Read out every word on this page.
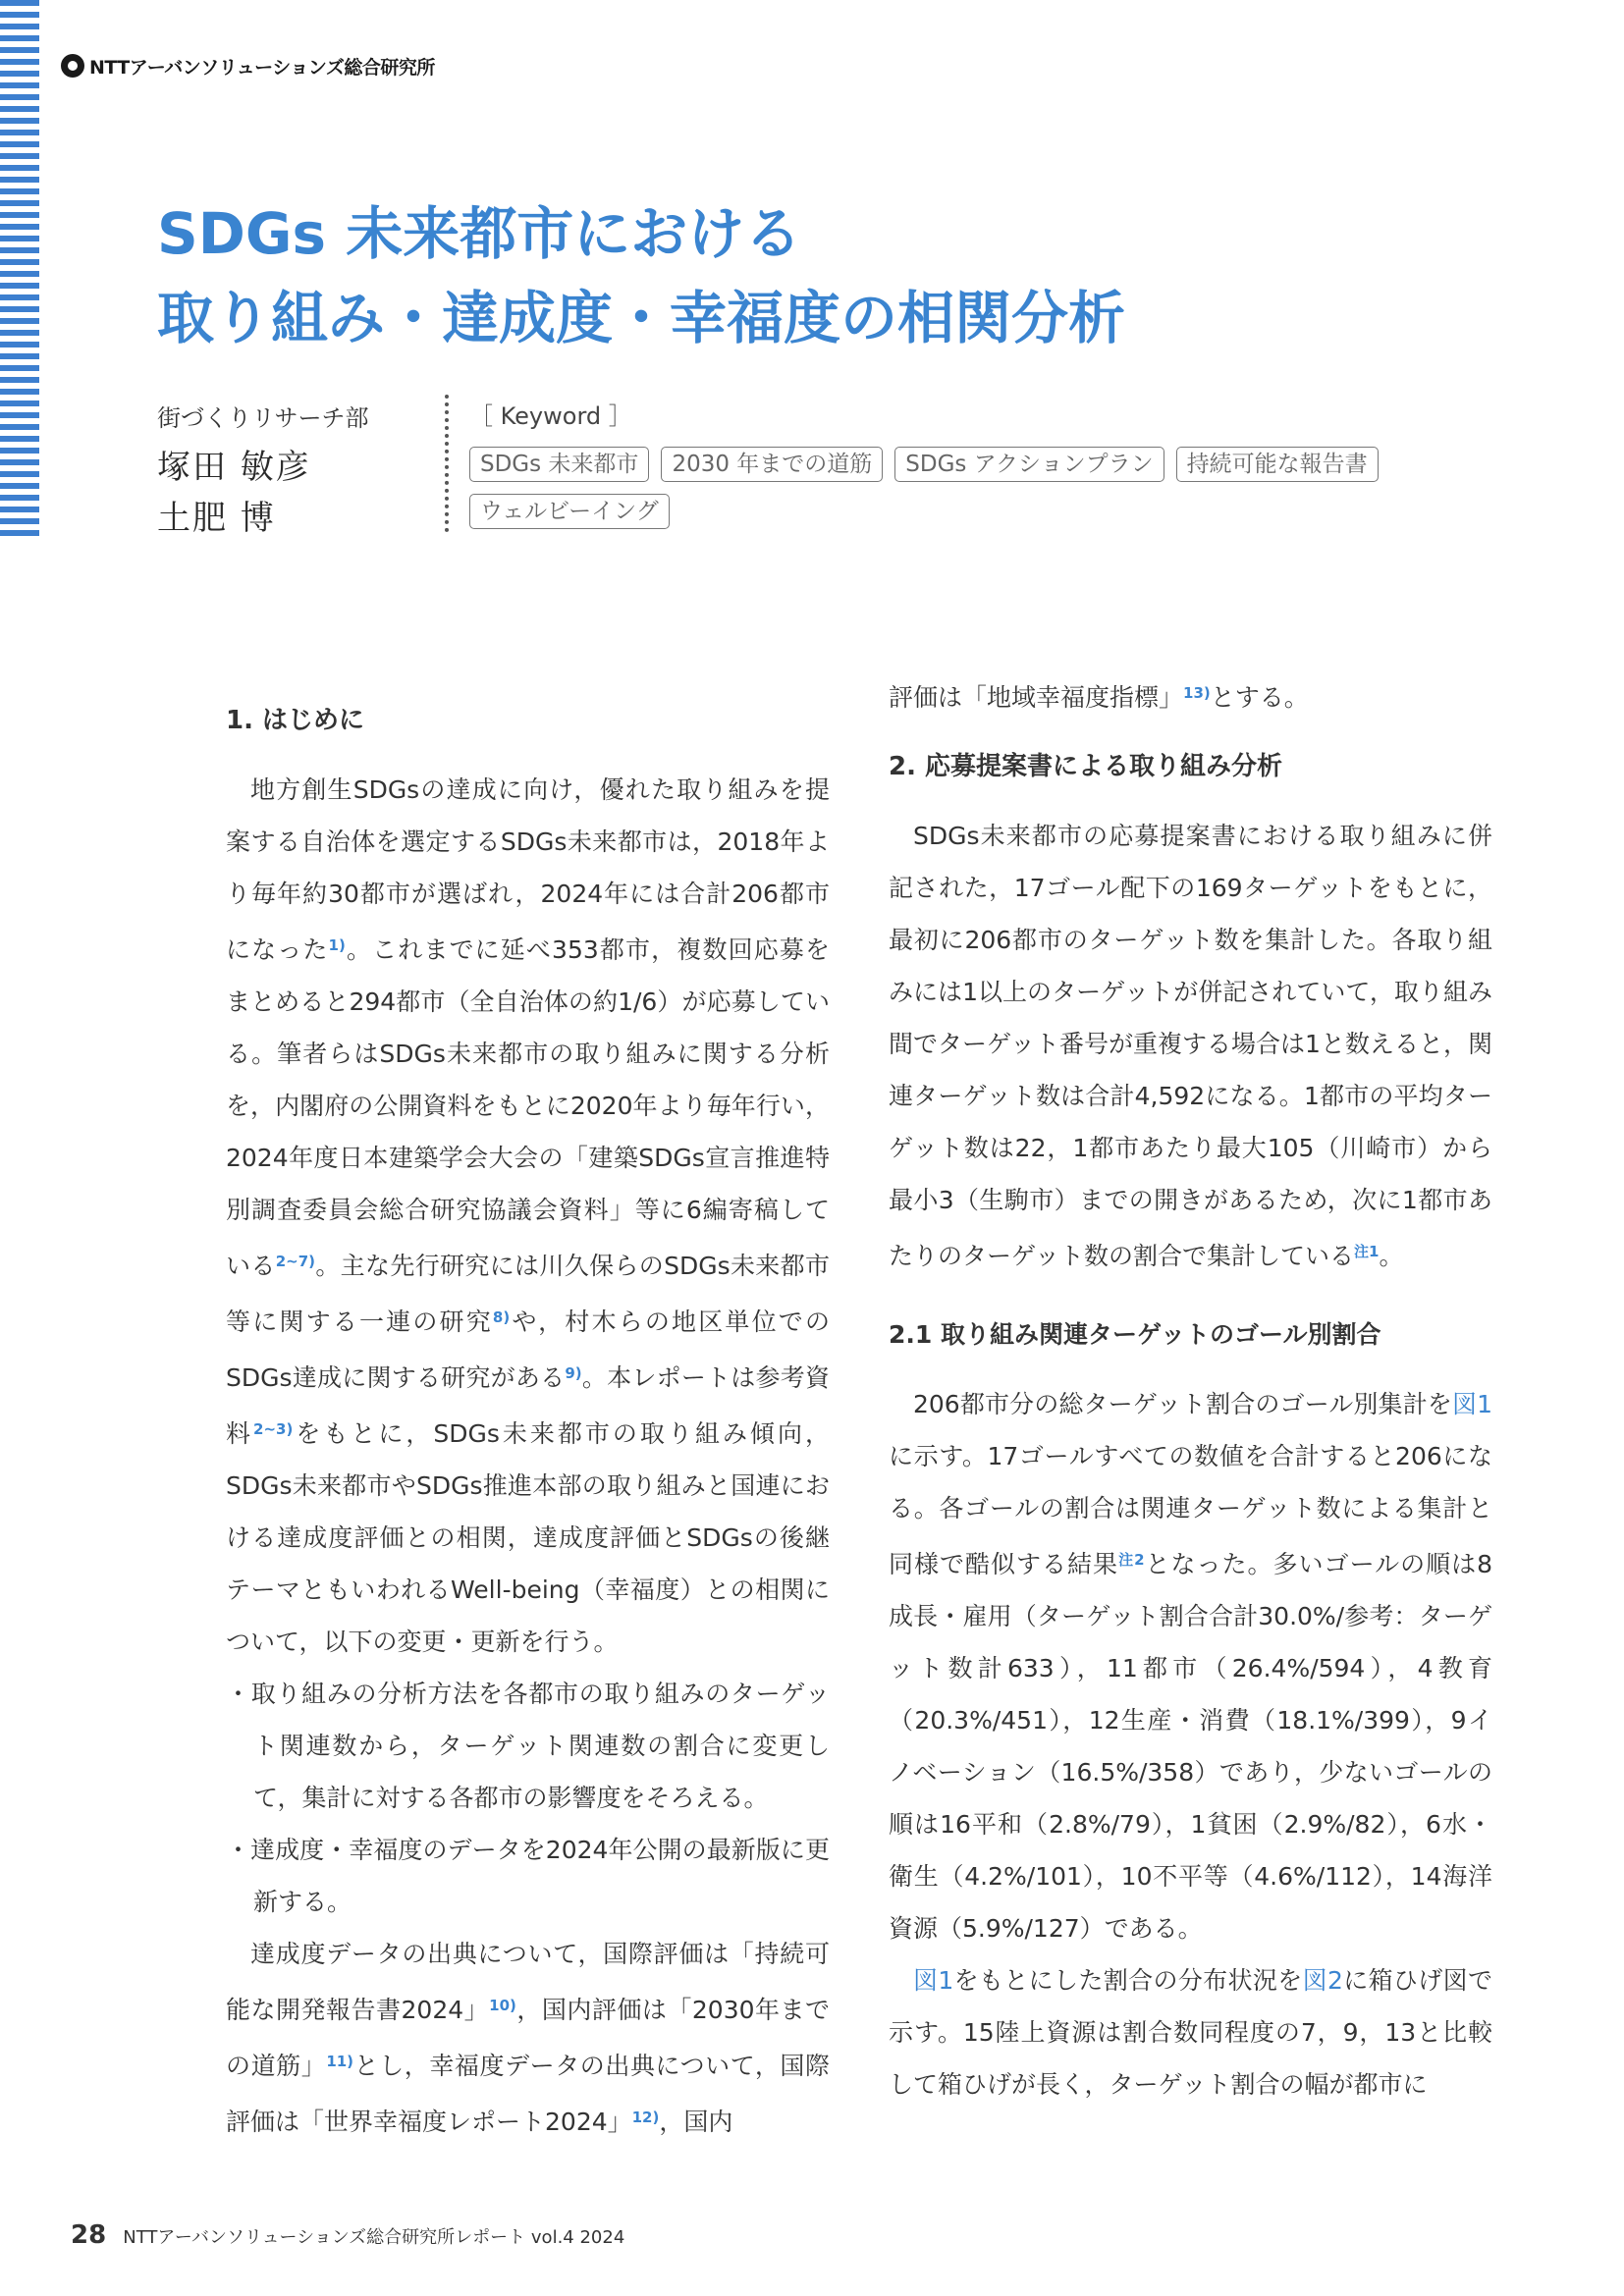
NTTアーバンソリューションズ総合研究所
SDGs 未来都市における
取り組み・達成度・幸福度の相関分析
街づくりリサーチ部
塚田 敏彦
土肥 博
［ Keyword ］
SDGs 未来都市	2030 年までの道筋	SDGs アクションプラン	持続可能な報告書
ウェルビーイング
1. はじめに

地方創生SDGsの達成に向け，優れた取り組みを提案する自治体を選定するSDGs未来都市は，2018年より毎年約30都市が選ばれ，2024年には合計206都市になった$^{1)}$。これまでに延べ353都市，複数回応募をまとめると294都市（全自治体の約1/6）が応募している。筆者らはSDGs未来都市の取り組みに関する分析を，内閣府の公開資料をもとに2020年より毎年行い，2024年度日本建築学会大会の「建築SDGs宣言推進特別調査委員会総合研究協議会資料」等に6編寄稿している$^{2\sim 7)}$。主な先行研究には川久保らのSDGs未来都市等に関する一連の研究$^{8)}$や，村木らの地区単位でのSDGs達成に関する研究がある$^{9)}$。本レポートは参考資料$^{2\sim 3)}$をもとに，SDGs未来都市の取り組み傾向，SDGs未来都市やSDGs推進本部の取り組みと国連における達成度評価との相関，達成度評価とSDGsの後継テーマともいわれるWell-being（幸福度）との相関について，以下の変更・更新を行う。

・取り組みの分析方法を各都市の取り組みのターゲット関連数から，ターゲット関連数の割合に変更して，集計に対する各都市の影響度をそろえる。

・達成度・幸福度のデータを2024年公開の最新版に更新する。

達成度データの出典について，国際評価は「持続可能な開発報告書2024」$^{10)}$，国内評価は「2030年までの道筋」$^{11)}$とし，幸福度データの出典について，国際評価は「世界幸福度レポート2024」$^{12)}$，国内

評価は「地域幸福度指標」$^{13)}$とする。

2. 応募提案書による取り組み分析

SDGs未来都市の応募提案書における取り組みに併記された，17ゴール配下の169ターゲットをもとに，最初に206都市のターゲット数を集計した。各取り組みには1以上のターゲットが併記されていて，取り組み間でターゲット番号が重複する場合は1と数えると，関連ターゲット数は合計4,592になる。1都市の平均ターゲット数は22，1都市あたり最大105（川崎市）から最小3（生駒市）までの開きがあるため，次に1都市あたりのターゲット数の割合で集計している$^{注1}$。

2.1 取り組み関連ターゲットのゴール別割合

206都市分の総ターゲット割合のゴール別集計を図1に示す。17ゴールすべての数値を合計すると206になる。各ゴールの割合は関連ターゲット数による集計と同様で酷似する結果$^{注2}$となった。多いゴールの順は8成長・雇用（ターゲット割合合計30.0%/参考：ターゲット数計633），11都市（26.4%/594），4教育（20.3%/451），12生産・消費（18.1%/399），9イノベーション（16.5%/358）であり，少ないゴールの順は16平和（2.8%/79），1貧困（2.9%/82），6水・衛生（4.2%/101），10不平等（4.6%/112），14海洋資源（5.9%/127）である。

図1をもとにした割合の分布状況を図2に箱ひげ図で示す。15陸上資源は割合数同程度の7，9，13と比較して箱ひげが長く，ターゲット割合の幅が都市に

28 NTTアーバンソリューションズ総合研究所レポート vol.4 2024
